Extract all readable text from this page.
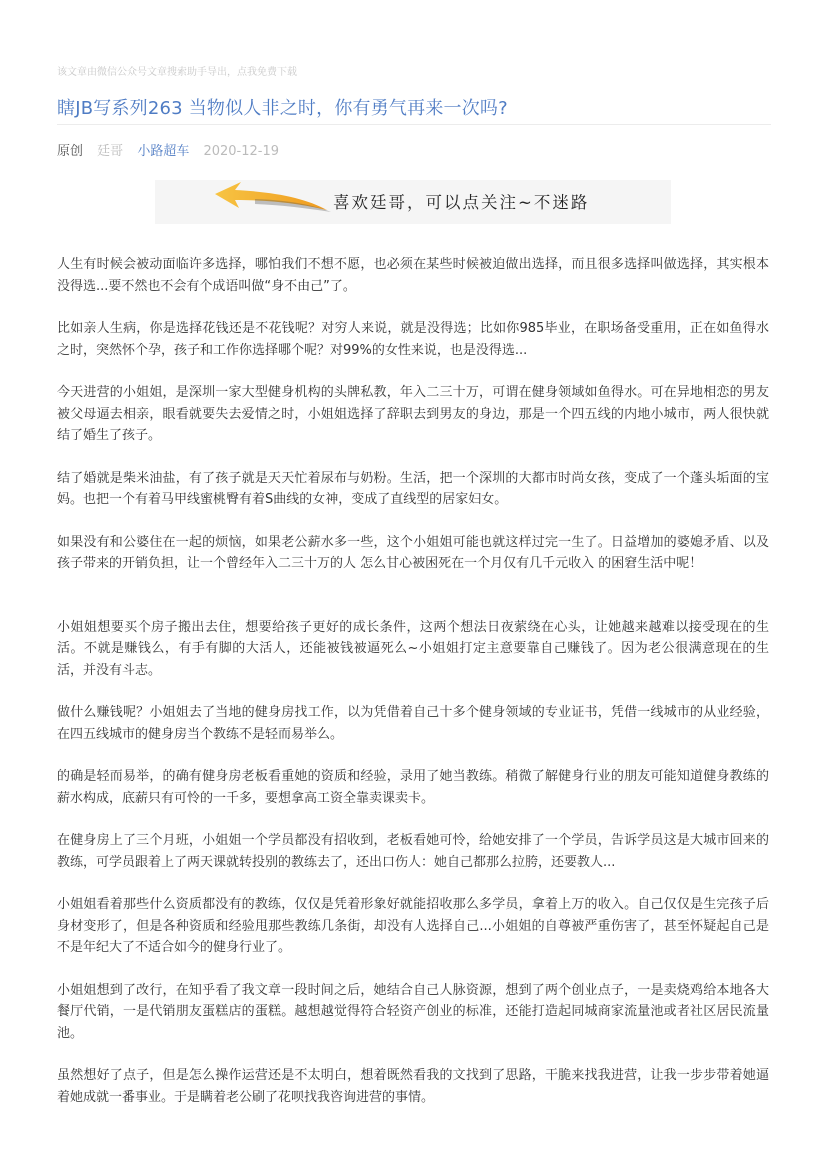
该文章由微信公众号文章搜索助手导出，点我免费下载
瞎JB写系列263 当物似人非之时，你有勇气再来一次吗?
原创 廷哥 小路超车 2020-12-19
喜欢廷哥，可以点关注~不迷路

人生有时候会被动面临许多选择，哪怕我们不想不愿，也必须在某些时候被迫做出选择，而且很多选择叫做选择，其实根本没得选...要不然也不会有个成语叫做“身不由己”了。

比如亲人生病，你是选择花钱还是不花钱呢？对穷人来说，就是没得选；比如你985毕业，在职场备受重用，正在如鱼得水之时，突然怀个孕，孩子和工作你选择哪个呢？对99%的女性来说，也是没得选...

今天进营的小姐姐，是深圳一家大型健身机构的头牌私教，年入二三十万，可谓在健身领域如鱼得水。可在异地相恋的男友被父母逼去相亲，眼看就要失去爱情之时，小姐姐选择了辞职去到男友的身边，那是一个四五线的内地小城市，两人很快就结了婚生了孩子。

结了婚就是柴米油盐，有了孩子就是天天忙着尿布与奶粉。生活，把一个深圳的大都市时尚女孩，变成了一个蓬头垢面的宝妈。也把一个有着马甲线蜜桃臀有着S曲线的女神，变成了直线型的居家妇女。

如果没有和公婆住在一起的烦恼，如果老公薪水多一些，这个小姐姐可能也就这样过完一生了。日益增加的婆媳矛盾、以及孩子带来的开销负担，让一个曾经年入二三十万的人 怎么甘心被困死在一个月仅有几千元收入 的困窘生活中呢！

小姐姐想要买个房子搬出去住，想要给孩子更好的成长条件，这两个想法日夜萦绕在心头，让她越来越难以接受现在的生活。不就是赚钱么，有手有脚的大活人，还能被钱被逼死么~小姐姐打定主意要靠自己赚钱了。因为老公很满意现在的生活，并没有斗志。

做什么赚钱呢？小姐姐去了当地的健身房找工作，以为凭借着自己十多个健身领域的专业证书，凭借一线城市的从业经验，在四五线城市的健身房当个教练不是轻而易举么。

的确是轻而易举，的确有健身房老板看重她的资质和经验，录用了她当教练。稍微了解健身行业的朋友可能知道健身教练的薪水构成，底薪只有可怜的一千多，要想拿高工资全靠卖课卖卡。

在健身房上了三个月班，小姐姐一个学员都没有招收到，老板看她可怜，给她安排了一个学员，告诉学员这是大城市回来的教练，可学员跟着上了两天课就转投别的教练去了，还出口伤人：她自己都那么拉胯，还要教人...

小姐姐看着那些什么资质都没有的教练，仅仅是凭着形象好就能招收那么多学员，拿着上万的收入。自己仅仅是生完孩子后身材变形了，但是各种资质和经验甩那些教练几条街，却没有人选择自己...小姐姐的自尊被严重伤害了，甚至怀疑起自己是不是年纪大了不适合如今的健身行业了。

小姐姐想到了改行，在知乎看了我文章一段时间之后，她结合自己人脉资源，想到了两个创业点子，一是卖烧鸡给本地各大餐厅代销，一是代销朋友蛋糕店的蛋糕。越想越觉得符合轻资产创业的标准，还能打造起同城商家流量池或者社区居民流量池。

虽然想好了点子，但是怎么操作运营还是不太明白，想着既然看我的文找到了思路，干脆来找我进营，让我一步步带着她逼着她成就一番事业。于是瞒着老公刷了花呗找我咨询进营的事情。
